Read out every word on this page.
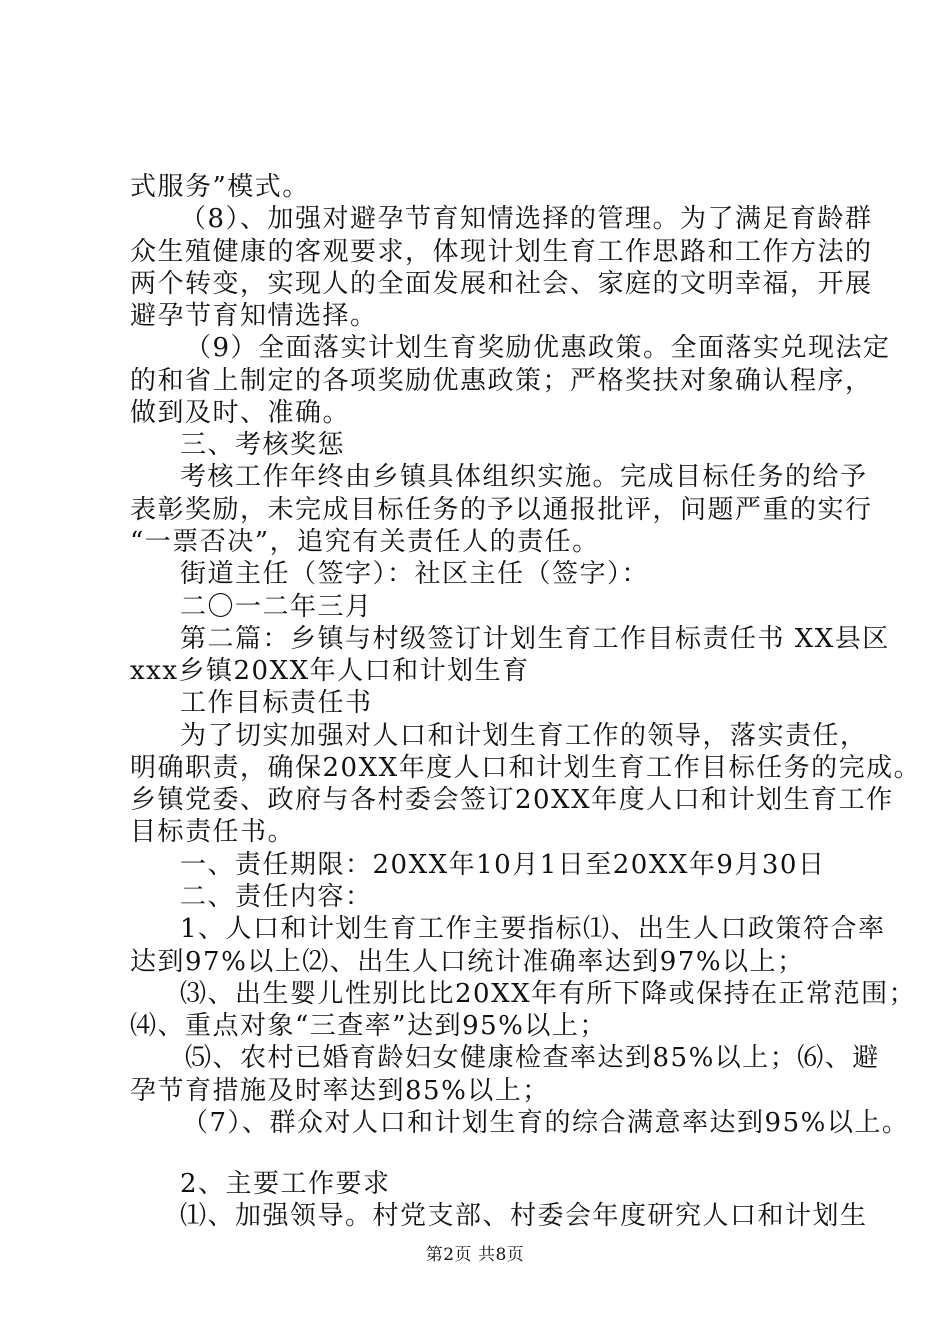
式服务”模式。
（8）、加强对避孕节育知情选择的管理。为了满足育龄群
众生殖健康的客观要求，体现计划生育工作思路和工作方法的
两个转变，实现人的全面发展和社会、家庭的文明幸福，开展
避孕节育知情选择。
（9）全面落实计划生育奖励优惠政策。全面落实兑现法定
的和省上制定的各项奖励优惠政策；严格奖扶对象确认程序，
做到及时、准确。
三、考核奖惩
考核工作年终由乡镇具体组织实施。完成目标任务的给予
表彰奖励，未完成目标任务的予以通报批评，问题严重的实行
“一票否决”，追究有关责任人的责任。
街道主任（签字）：社区主任（签字）：
二〇一二年三月
第二篇：乡镇与村级签订计划生育工作目标责任书 XX县区
xxx乡镇20XX年人口和计划生育
工作目标责任书
为了切实加强对人口和计划生育工作的领导，落实责任，
明确职责，确保20XX年度人口和计划生育工作目标任务的完成。
乡镇党委、政府与各村委会签订20XX年度人口和计划生育工作
目标责任书。
一、责任期限：20XX年10月1日至20XX年9月30日
二、责任内容：
1、人口和计划生育工作主要指标⑴、出生人口政策符合率
达到97%以上⑵、出生人口统计准确率达到97%以上；
⑶、出生婴儿性别比比20XX年有所下降或保持在正常范围；
⑷、重点对象“三查率”达到95%以上；
⑸、农村已婚育龄妇女健康检查率达到85%以上；⑹、避
孕节育措施及时率达到85%以上；
（7）、群众对人口和计划生育的综合满意率达到95%以上。
2、主要工作要求
⑴、加强领导。村党支部、村委会年度研究人口和计划生
第2页 共8页
